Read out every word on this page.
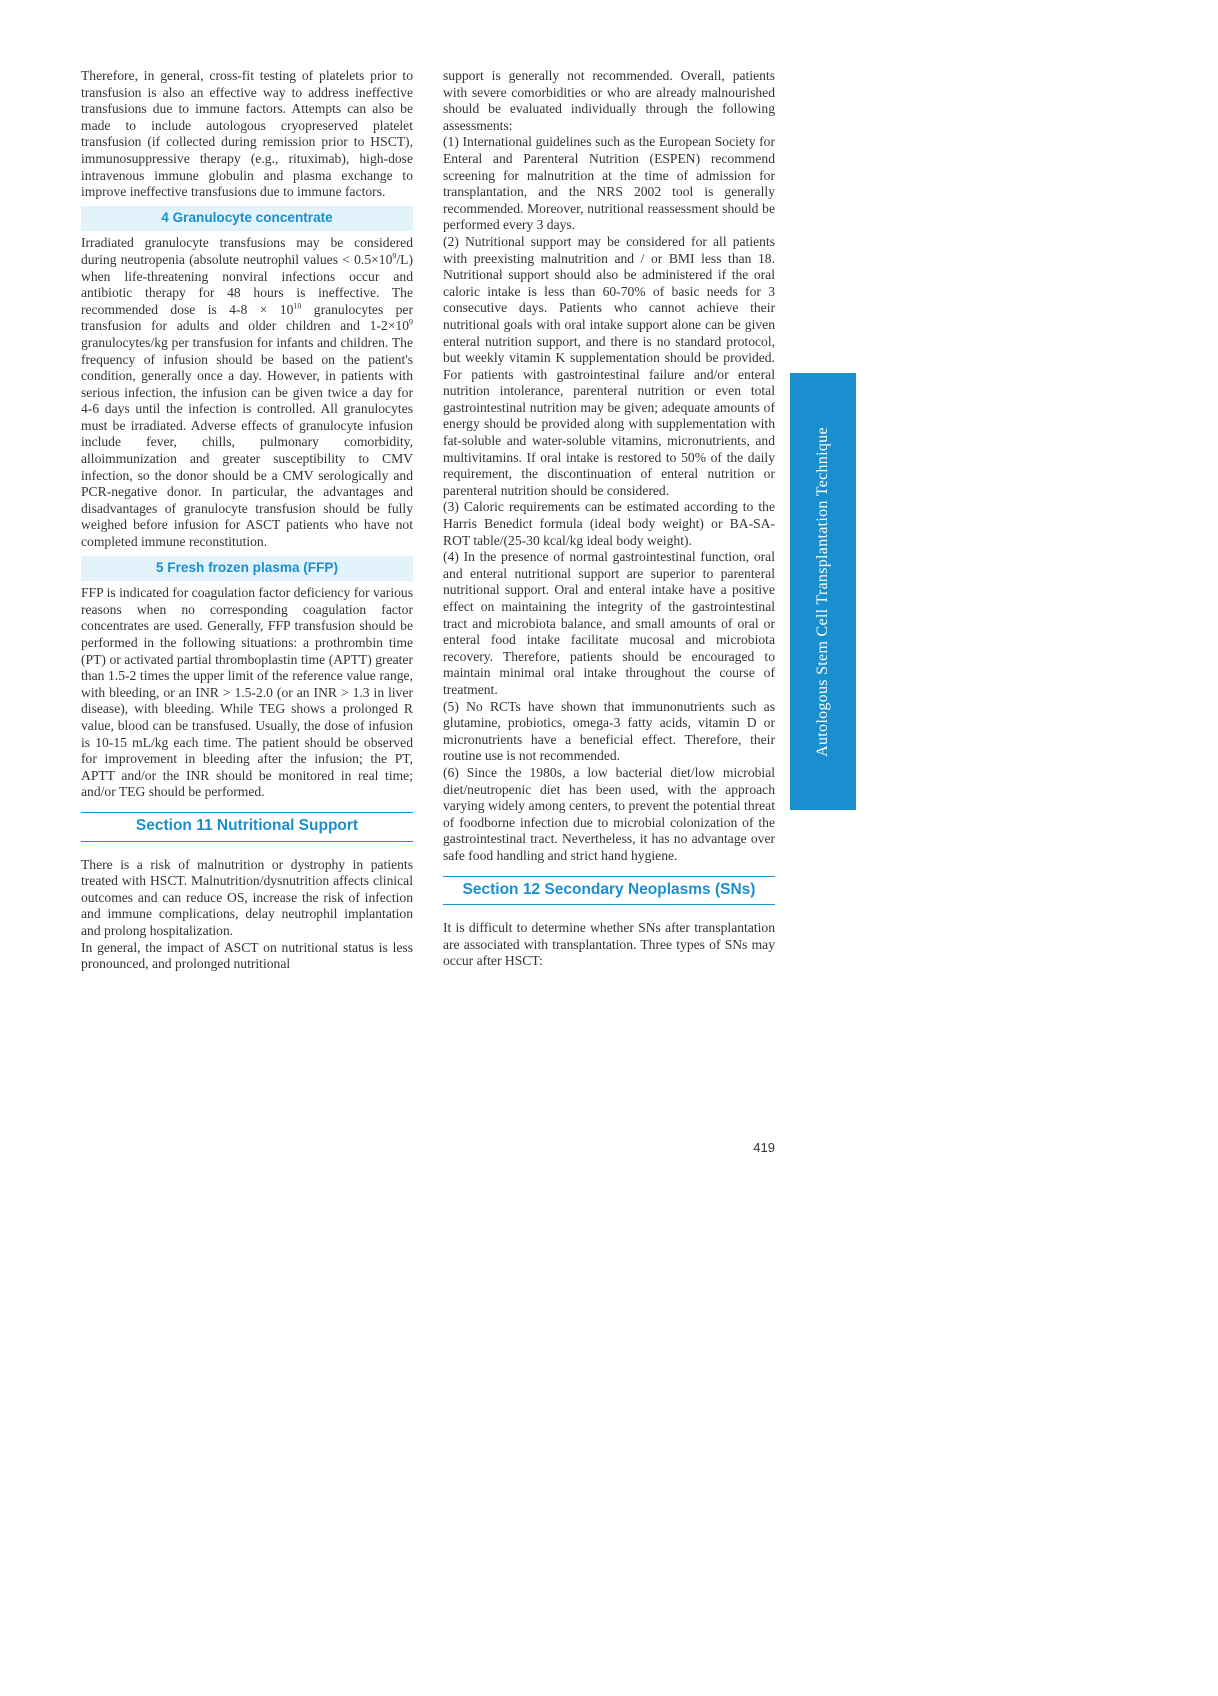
Therefore, in general, cross-fit testing of platelets prior to transfusion is also an effective way to address ineffective transfusions due to immune factors. Attempts can also be made to include autologous cryopreserved platelet transfusion (if collected during remission prior to HSCT), immunosuppressive therapy (e.g., rituximab), high-dose intravenous immune globulin and plasma exchange to improve ineffective transfusions due to immune factors.

4 Granulocyte concentrate

Irradiated granulocyte transfusions may be considered during neutropenia (absolute neutrophil values < $0.5\times 10^9/L$) when life-threatening nonviral infections occur and antibiotic therapy for 48 hours is ineffective. The recommended dose is $4-8 \times 10^{10}$ granulocytes per transfusion for adults and older children and $1-2\times 10^9$ granulocytes/kg per transfusion for infants and children. The frequency of infusion should be based on the patient's condition, generally once a day. However, in patients with serious infection, the infusion can be given twice a day for 4-6 days until the infection is controlled. All granulocytes must be irradiated. Adverse effects of granulocyte infusion include fever, chills, pulmonary comorbidity, alloimmunization and greater susceptibility to CMV infection, so the donor should be a CMV serologically and PCR-negative donor. In particular, the advantages and disadvantages of granulocyte transfusion should be fully weighed before infusion for ASCT patients who have not completed immune reconstitution.

5 Fresh frozen plasma (FFP)

FFP is indicated for coagulation factor deficiency for various reasons when no corresponding coagulation factor concentrates are used. Generally, FFP transfusion should be performed in the following situations: a prothrombin time (PT) or activated partial thromboplastin time (APTT) greater than 1.5-2 times the upper limit of the reference value range, with bleeding, or an INR > 1.5-2.0 (or an INR > 1.3 in liver disease), with bleeding. While TEG shows a prolonged R value, blood can be transfused. Usually, the dose of infusion is 10-15 mL/kg each time. The patient should be observed for improvement in bleeding after the infusion; the PT, APTT and/or the INR should be monitored in real time; and/or TEG should be performed.

Section 11 Nutritional Support

There is a risk of malnutrition or dystrophy in patients treated with HSCT. Malnutrition/dysnutrition affects clinical outcomes and can reduce OS, increase the risk of infection and immune complications, delay neutrophil implantation and prolong hospitalization.

In general, the impact of ASCT on nutritional status is less pronounced, and prolonged nutritional

support is generally not recommended. Overall, patients with severe comorbidities or who are already malnourished should be evaluated individually through the following assessments:

(1) International guidelines such as the European Society for Enteral and Parenteral Nutrition (ESPEN) recommend screening for malnutrition at the time of admission for transplantation, and the NRS 2002 tool is generally recommended. Moreover, nutritional reassessment should be performed every 3 days.

(2) Nutritional support may be considered for all patients with preexisting malnutrition and / or BMI less than 18. Nutritional support should also be administered if the oral caloric intake is less than 60-70% of basic needs for 3 consecutive days. Patients who cannot achieve their nutritional goals with oral intake support alone can be given enteral nutrition support, and there is no standard protocol, but weekly vitamin K supplementation should be provided. For patients with gastrointestinal failure and/or enteral nutrition intolerance, parenteral nutrition or even total gastrointestinal nutrition may be given; adequate amounts of energy should be provided along with supplementation with fat-soluble and water-soluble vitamins, micronutrients, and multivitamins. If oral intake is restored to 50% of the daily requirement, the discontinuation of enteral nutrition or parenteral nutrition should be considered.

(3) Caloric requirements can be estimated according to the Harris Benedict formula (ideal body weight) or BA-SA-ROT table/(25-30 kcal/kg ideal body weight).

(4) In the presence of normal gastrointestinal function, oral and enteral nutritional support are superior to parenteral nutritional support. Oral and enteral intake have a positive effect on maintaining the integrity of the gastrointestinal tract and microbiota balance, and small amounts of oral or enteral food intake facilitate mucosal and microbiota recovery. Therefore, patients should be encouraged to maintain minimal oral intake throughout the course of treatment.

(5) No RCTs have shown that immunonutrients such as glutamine, probiotics, omega-3 fatty acids, vitamin D or micronutrients have a beneficial effect. Therefore, their routine use is not recommended.

(6) Since the 1980s, a low bacterial diet/low microbial diet/neutropenic diet has been used, with the approach varying widely among centers, to prevent the potential threat of foodborne infection due to microbial colonization of the gastrointestinal tract. Nevertheless, it has no advantage over safe food handling and strict hand hygiene.

Section 12 Secondary Neoplasms (SNs)

It is difficult to determine whether SNs after transplantation are associated with transplantation. Three types of SNs may occur after HSCT:

Autologous Stem Cell Transplantation Technique
419
